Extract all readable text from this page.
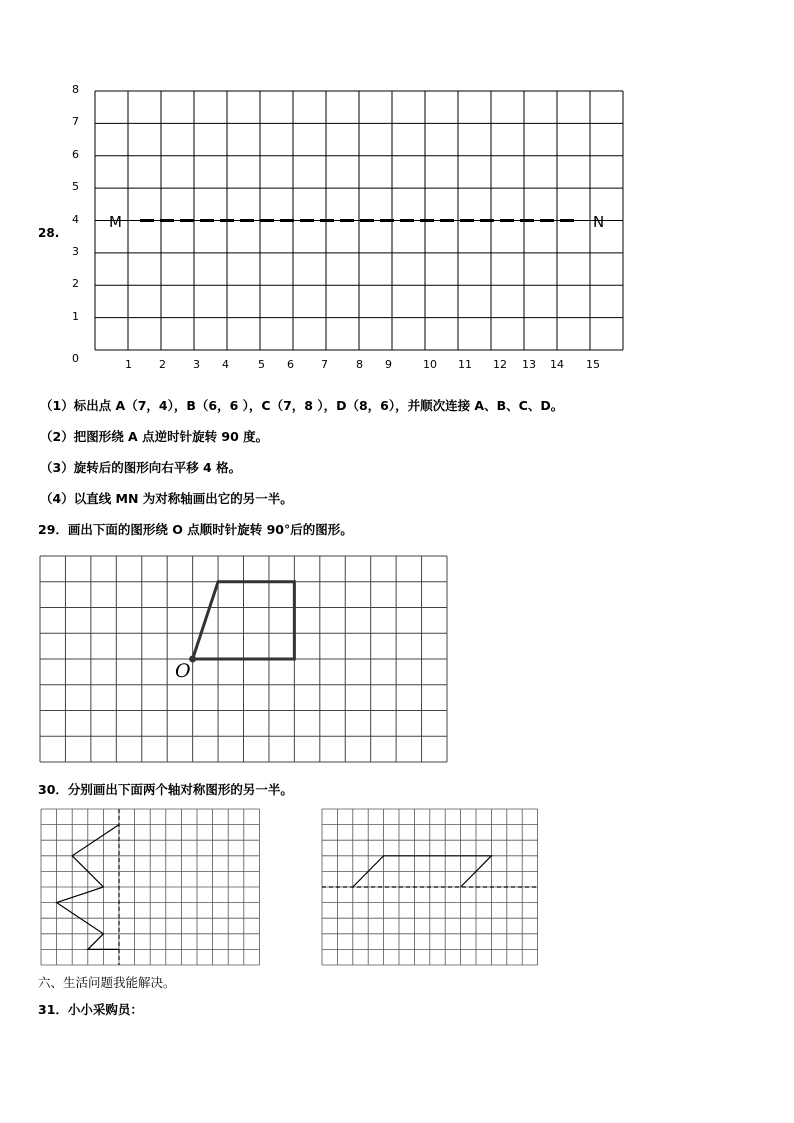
28.
0
1
2
3
4
5
6
7
8
1 2 3 4	5 6 7	8 9	10 11 12 13 14 15
M	N
（1）标出点 A（7，4），B（6，6 ），C（7，8 ），D（8，6），并顺次连接 A、B、C、D。
（2）把图形绕 A 点逆时针旋转 90 度。
（3）旋转后的图形向右平移 4 格。
（4）以直线 MN 为对称轴画出它的另一半。
29．画出下面的图形绕 O 点顺时针旋转 90°后的图形。
O
30．分别画出下面两个轴对称图形的另一半。
六、生活问题我能解决。
31．小小采购员：
